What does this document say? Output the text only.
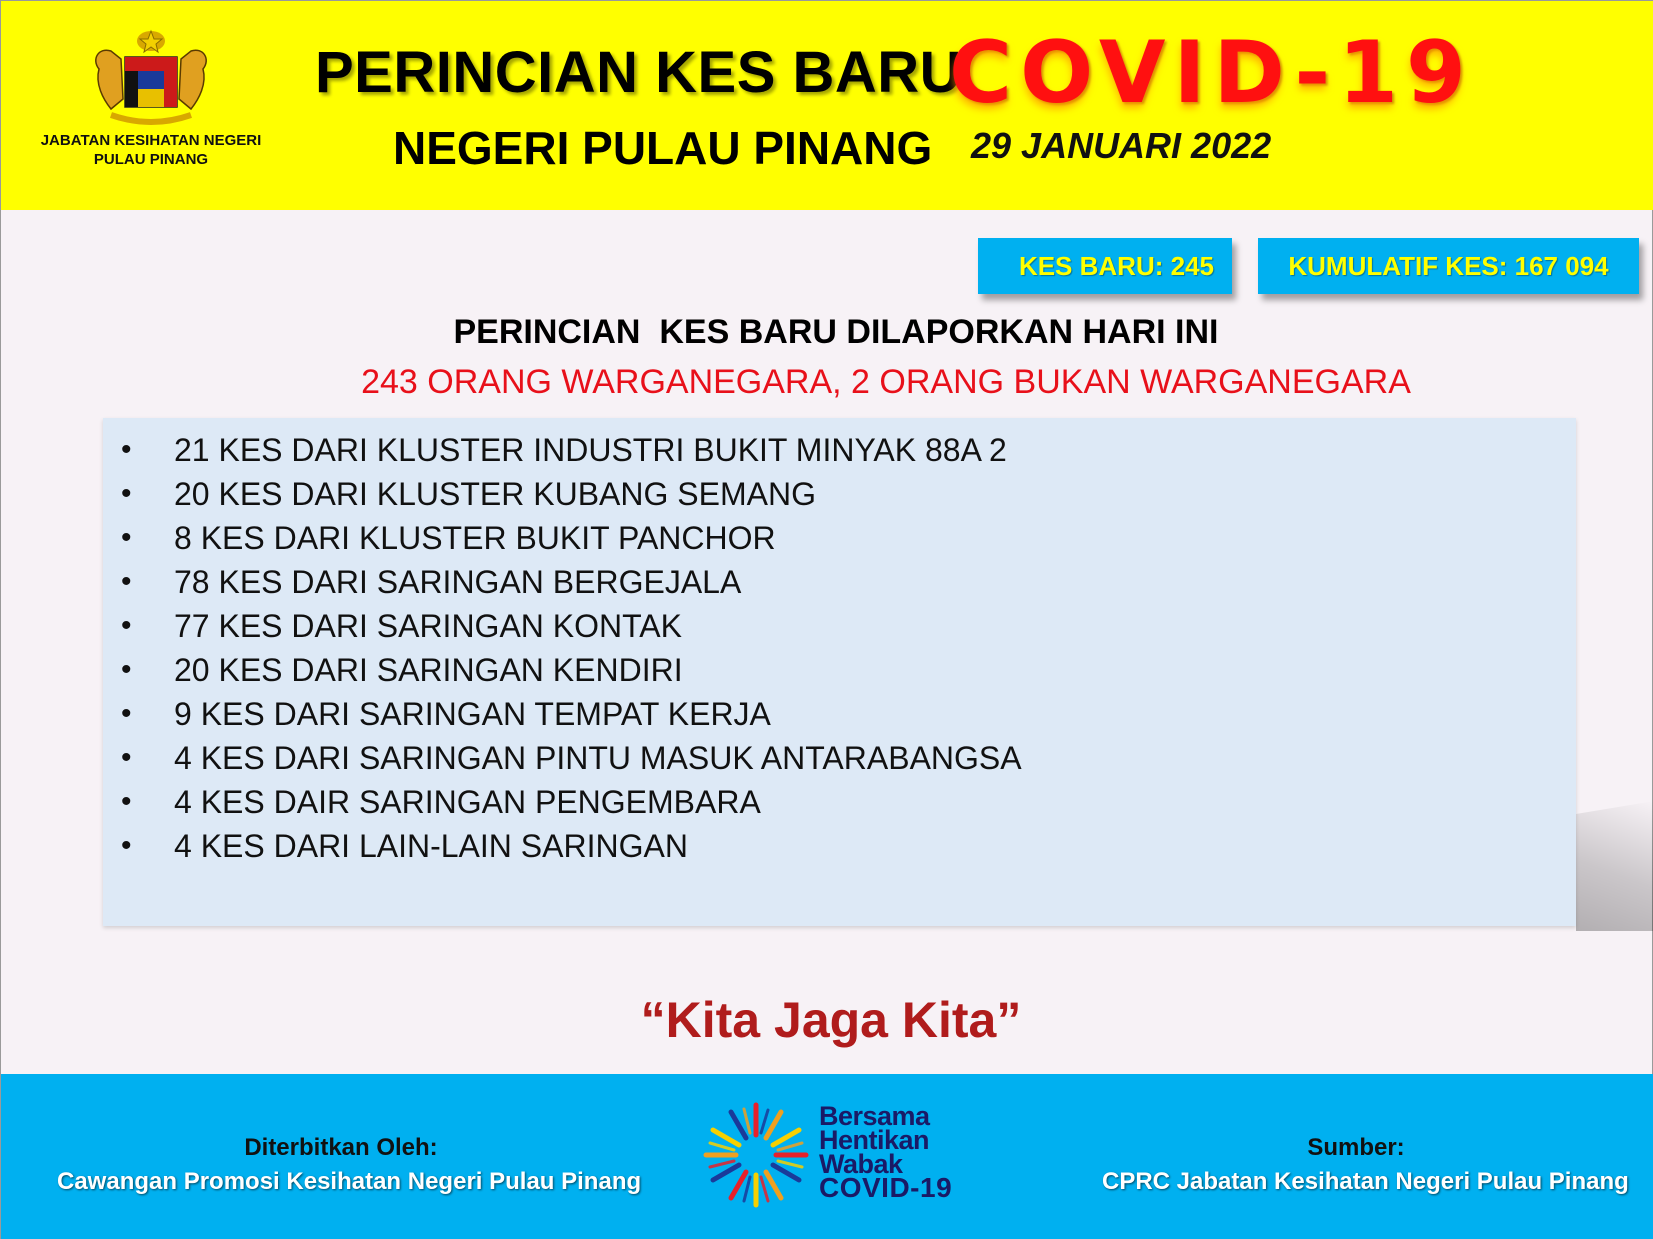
JABATAN KESIHATAN NEGERI
PULAU PINANG
PERINCIAN KES BARU
COVID-19
NEGERI PULAU PINANG 29 JANUARI 2022
KES BARU: 245	KUMULATIF KES: 167 094
PERINCIAN  KES BARU DILAPORKAN HARI INI
243 ORANG WARGANEGARA, 2 ORANG BUKAN WARGANEGARA
•	21 KES DARI KLUSTER INDUSTRI BUKIT MINYAK 88A 2
•	20 KES DARI KLUSTER KUBANG SEMANG
•	8 KES DARI KLUSTER BUKIT PANCHOR
•	78 KES DARI SARINGAN BERGEJALA
•	77 KES DARI SARINGAN KONTAK
•	20 KES DARI SARINGAN KENDIRI
•	9 KES DARI SARINGAN TEMPAT KERJA
•	4 KES DARI SARINGAN PINTU MASUK ANTARABANGSA
•	4 KES DAIR SARINGAN PENGEMBARA
•	4 KES DARI LAIN-LAIN SARINGAN
“Kita Jaga Kita”
Diterbitkan Oleh:
Cawangan Promosi Kesihatan Negeri Pulau Pinang
Bersama
Hentikan
Wabak
COVID-19
Sumber:
CPRC Jabatan Kesihatan Negeri Pulau Pinang
